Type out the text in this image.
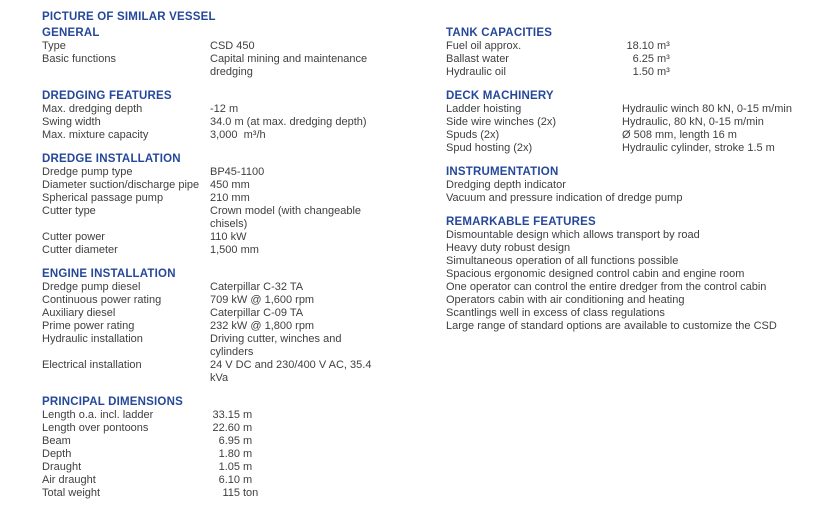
PICTURE OF SIMILAR VESSEL
GENERAL
Type	CSD 450
Basic functions	Capital mining and maintenance dredging
DREDGING FEATURES
Max. dredging depth	-12 m
Swing width	34.0 m (at max. dredging depth)
Max. mixture capacity	3,000  m³/h
DREDGE INSTALLATION
Dredge pump type	BP45-1100
Diameter suction/discharge pipe 450 mm
Spherical passage pump	210 mm
Cutter type	Crown model (with changeable chisels)
Cutter power	110 kW
Cutter diameter	1,500 mm
ENGINE INSTALLATION
Dredge pump diesel	Caterpillar C-32 TA
Continuous power rating	709 kW @ 1,600 rpm
Auxiliary diesel	Caterpillar C-09 TA
Prime power rating	232 kW @ 1,800 rpm
Hydraulic installation	Driving cutter, winches and cylinders
Electrical installation	24 V DC and 230/400 V AC, 35.4 kVa
PRINCIPAL DIMENSIONS
Length o.a. incl. ladder	33.15 m
Length over pontoons	22.60 m
Beam	6.95 m
Depth	1.80 m
Draught	1.05 m
Air draught	6.10 m
Total weight	115 ton
TANK CAPACITIES
Fuel oil approx.	18.10 m³
Ballast water	6.25 m³
Hydraulic oil	1.50 m³
DECK MACHINERY
Ladder hoisting	Hydraulic winch 80 kN, 0-15 m/min
Side wire winches (2x)	Hydraulic, 80 kN, 0-15 m/min
Spuds (2x)	Ø 508 mm, length 16 m
Spud hosting (2x)	Hydraulic cylinder, stroke 1.5 m
INSTRUMENTATION
Dredging depth indicator
Vacuum and pressure indication of dredge pump
REMARKABLE FEATURES
Dismountable design which allows transport by road
Heavy duty robust design
Simultaneous operation of all functions possible
Spacious ergonomic designed control cabin and engine room
One operator can control the entire dredger from the control cabin
Operators cabin with air conditioning and heating
Scantlings well in excess of class regulations
Large range of standard options are available to customize the CSD
